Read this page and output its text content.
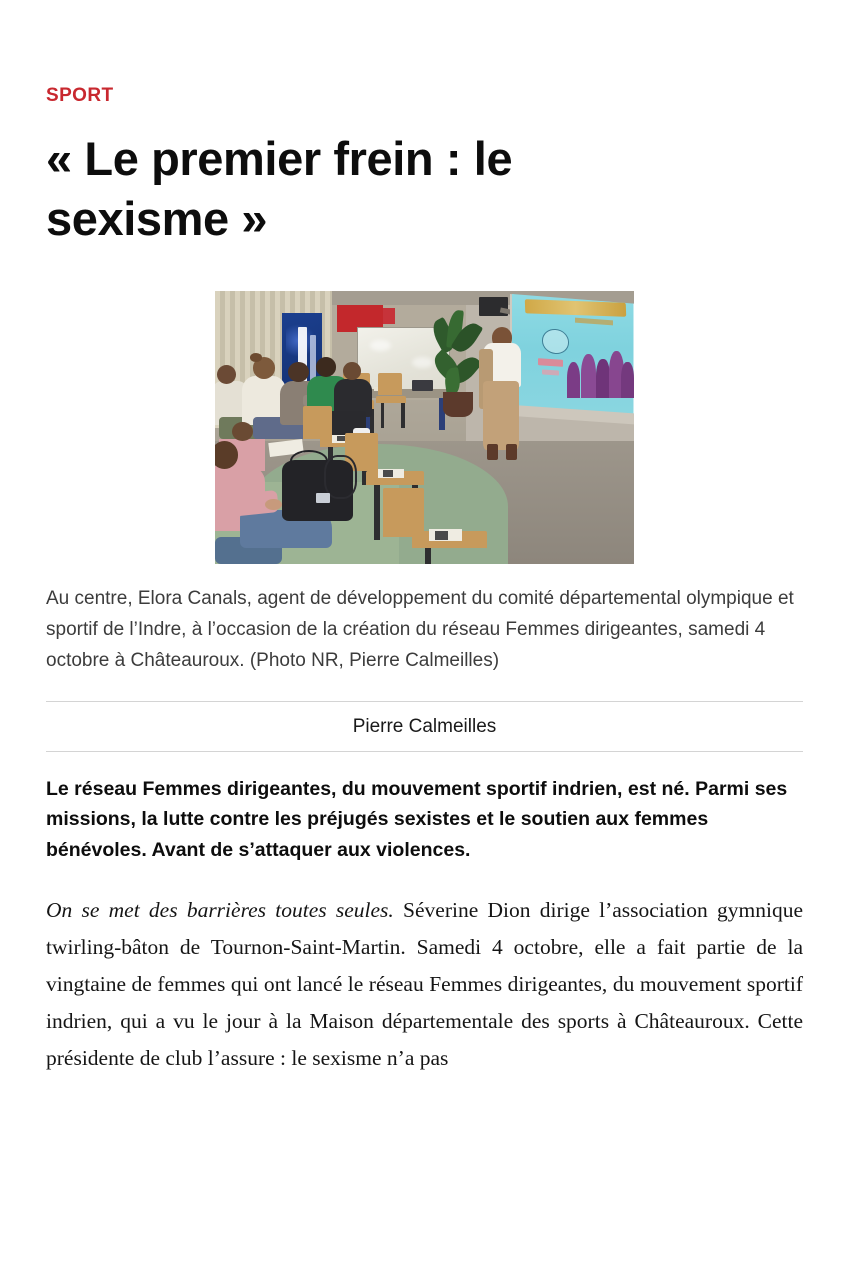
SPORT
« Le premier frein : le sexisme »

Au centre, Elora Canals, agent de développement du comité départemental olympique et sportif de l’Indre, à l’occasion de la création du réseau Femmes dirigeantes, samedi 4 octobre à Châteauroux. (Photo NR, Pierre Calmeilles)

Pierre Calmeilles

Le réseau Femmes dirigeantes, du mouvement sportif indrien, est né. Parmi ses missions, la lutte contre les préjugés sexistes et le soutien aux femmes bénévoles. Avant de s’attaquer aux violences.

On se met des barrières toutes seules. Séverine Dion dirige l’association gymnique twirling-bâton de Tournon-Saint-Martin. Samedi 4 octobre, elle a fait partie de la vingtaine de femmes qui ont lancé le réseau Femmes dirigeantes, du mouvement sportif indrien, qui a vu le jour à la Maison départementale des sports à Châteauroux. Cette présidente de club l’assure : le sexisme n’a pas
